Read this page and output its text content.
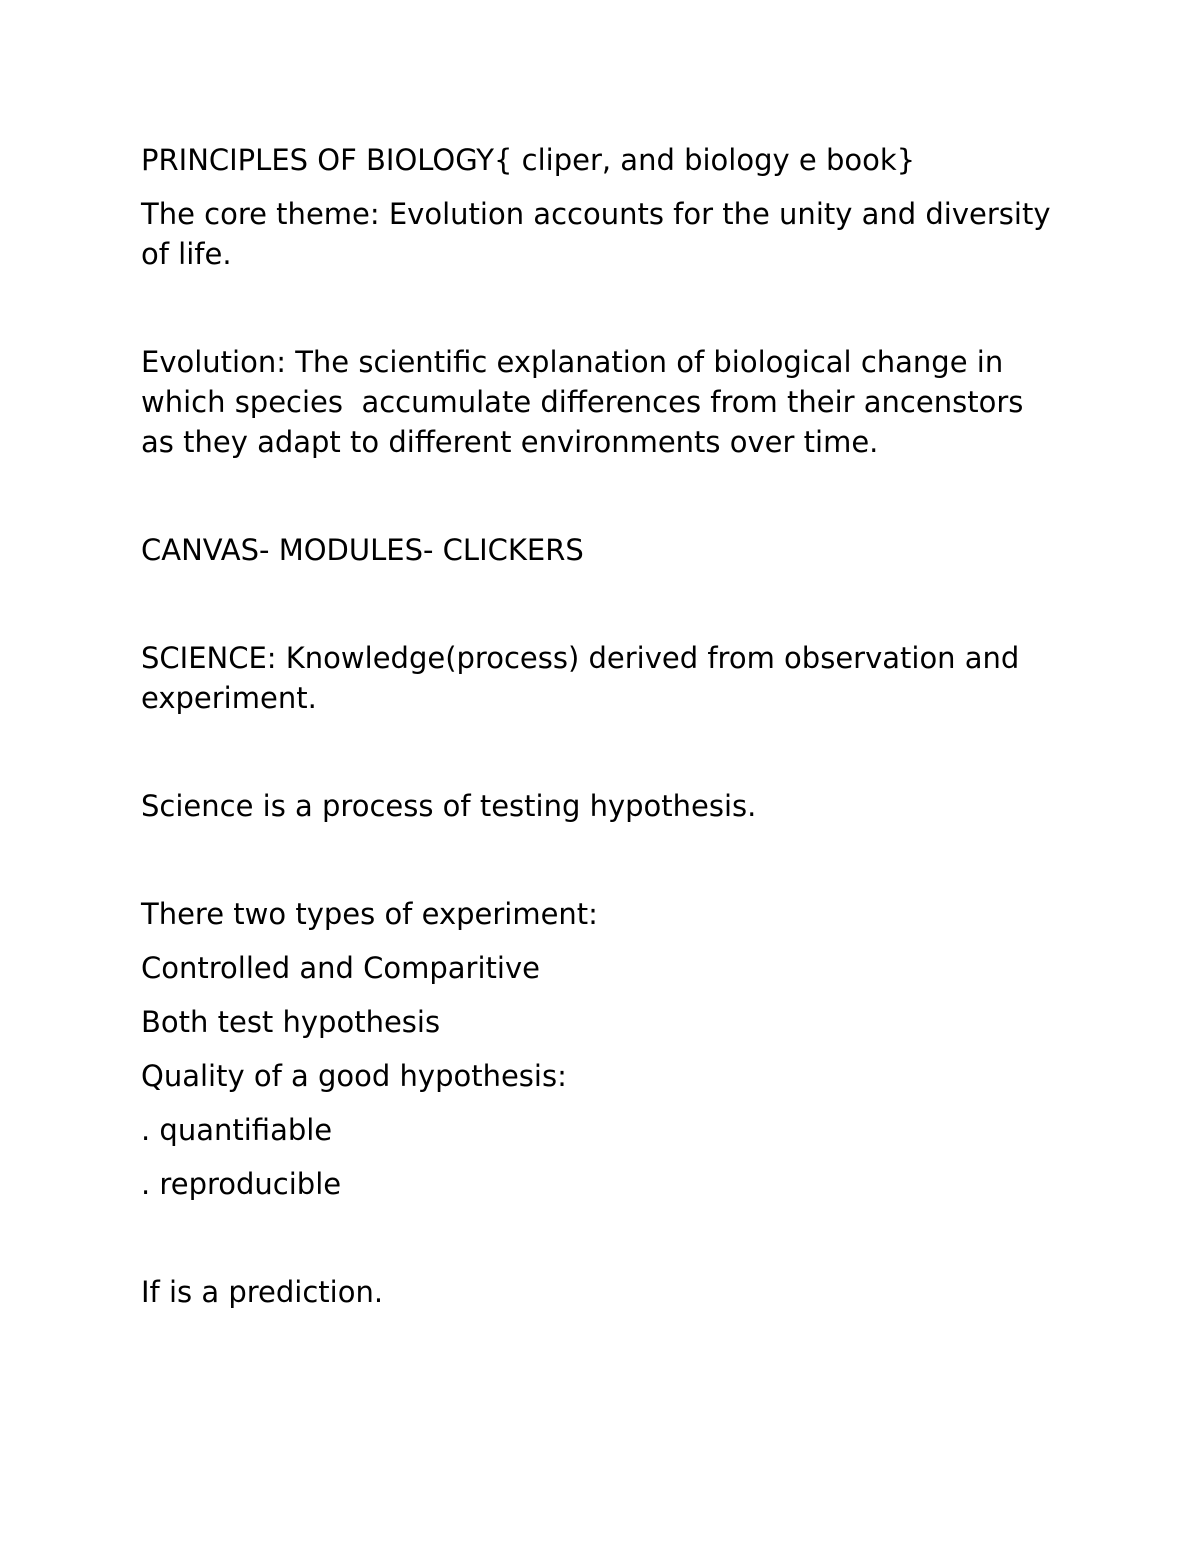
PRINCIPLES OF BIOLOGY{ cliper, and biology e book}

The core theme: Evolution accounts for the unity and diversity of life.

Evolution: The scientific explanation of biological change in which species  accumulate differences from their ancenstors as they adapt to different environments over time.

CANVAS- MODULES- CLICKERS

SCIENCE: Knowledge(process) derived from observation and experiment.

Science is a process of testing hypothesis.

There two types of experiment:

Controlled and Comparitive

Both test hypothesis

Quality of a good hypothesis:

. quantifiable

. reproducible

If is a prediction.
